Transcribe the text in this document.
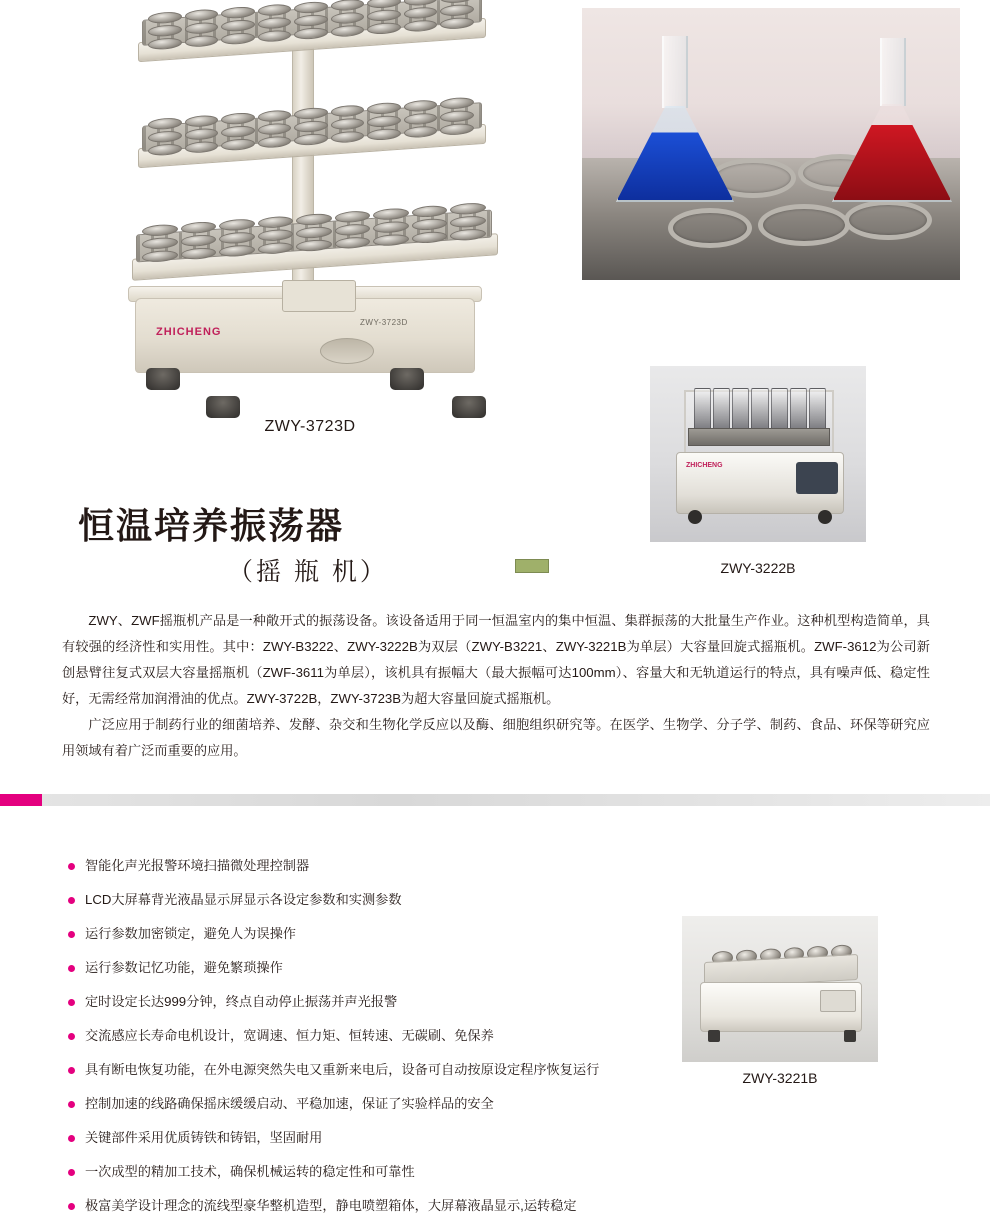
ZHICHENG
ZWY-3723D
ZWY-3723D
ZHICHENG
ZWY-3222B
恒温培养振荡器
（摇 瓶 机）

ZWY、ZWF摇瓶机产品是一种敞开式的振荡设备。该设备适用于同一恒温室内的集中恒温、集群振荡的大批量生产作业。这种机型构造简单，具有较强的经济性和实用性。其中：ZWY-B3222、ZWY-3222B为双层（ZWY-B3221、ZWY-3221B为单层）大容量回旋式摇瓶机。ZWF-3612为公司新创悬臂往复式双层大容量摇瓶机（ZWF-3611为单层），该机具有振幅大（最大振幅可达100mm）、容量大和无轨道运行的特点，具有噪声低、稳定性好，无需经常加润滑油的优点。ZWY-3722B，ZWY-3723B为超大容量回旋式摇瓶机。

广泛应用于制药行业的细菌培养、发酵、杂交和生物化学反应以及酶、细胞组织研究等。在医学、生物学、分子学、制药、食品、环保等研究应用领域有着广泛而重要的应用。

智能化声光报警环境扫描微处理控制器
LCD大屏幕背光液晶显示屏显示各设定参数和实测参数
运行参数加密锁定，避免人为误操作
运行参数记忆功能，避免繁琐操作
定时设定长达999分钟，终点自动停止振荡并声光报警
交流感应长寿命电机设计，宽调速、恒力矩、恒转速、无碳刷、免保养
具有断电恢复功能，在外电源突然失电又重新来电后，设备可自动按原设定程序恢复运行
控制加速的线路确保摇床缓缓启动、平稳加速，保证了实验样品的安全
关键部件采用优质铸铁和铸铝，坚固耐用
一次成型的精加工技术，确保机械运转的稳定性和可靠性
极富美学设计理念的流线型豪华整机造型，静电喷塑箱体，大屏幕液晶显示,运转稳定
ZWY-3221B
